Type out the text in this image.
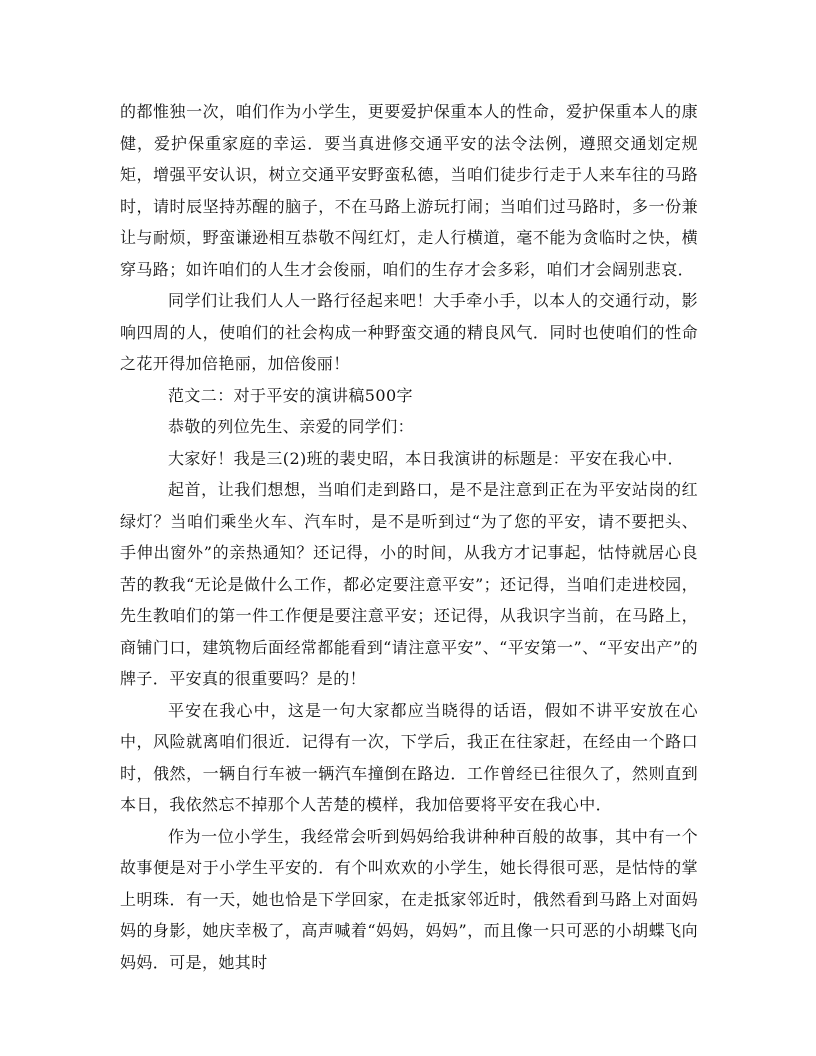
的都惟独一次，咱们作为小学生，更要爱护保重本人的性命，爱护保重本人的康健，爱护保重家庭的幸运．要当真进修交通平安的法令法例，遵照交通划定规矩，增强平安认识，树立交通平安野蛮私德，当咱们徒步行走于人来车往的马路时，请时辰坚持苏醒的脑子，不在马路上游玩打闹；当咱们过马路时，多一份兼让与耐烦，野蛮谦逊相互恭敬不闯红灯，走人行横道，毫不能为贪临时之快，横穿马路；如许咱们的人生才会俊丽，咱们的生存才会多彩，咱们才会阔别悲哀．

同学们让我们人人一路行径起来吧！大手牵小手，以本人的交通行动，影响四周的人，使咱们的社会构成一种野蛮交通的精良风气．同时也使咱们的性命之花开得加倍艳丽，加倍俊丽！

范文二：对于平安的演讲稿500字

恭敬的列位先生、亲爱的同学们：

大家好！我是三(2)班的裴史昭，本日我演讲的标题是：平安在我心中．

起首，让我们想想，当咱们走到路口，是不是注意到正在为平安站岗的红绿灯？当咱们乘坐火车、汽车时，是不是听到过“为了您的平安，请不要把头、手伸出窗外”的亲热通知？还记得，小的时间，从我方才记事起，怙恃就居心良苦的教我“无论是做什么工作，都必定要注意平安”；还记得，当咱们走进校园，先生教咱们的第一件工作便是要注意平安；还记得，从我识字当前，在马路上，商铺门口，建筑物后面经常都能看到“请注意平安”、“平安第一”、“平安出产”的牌子．平安真的很重要吗？是的！

平安在我心中，这是一句大家都应当晓得的话语，假如不讲平安放在心中，风险就离咱们很近．记得有一次，下学后，我正在往家赶，在经由一个路口时，俄然，一辆自行车被一辆汽车撞倒在路边．工作曾经已往很久了，然则直到本日，我依然忘不掉那个人苦楚的模样，我加倍要将平安在我心中．

作为一位小学生，我经常会听到妈妈给我讲种种百般的故事，其中有一个故事便是对于小学生平安的．有个叫欢欢的小学生，她长得很可恶，是怙恃的掌上明珠．有一天，她也恰是下学回家，在走抵家邻近时，俄然看到马路上对面妈妈的身影，她庆幸极了，高声喊着“妈妈，妈妈”，而且像一只可恶的小胡蝶飞向妈妈．可是，她其时
